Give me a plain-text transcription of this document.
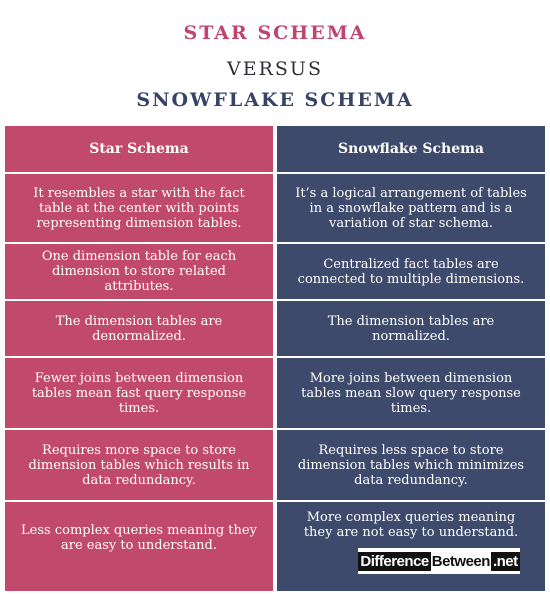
STAR SCHEMA
VERSUS
SNOWFLAKE SCHEMA
Star Schema
It resembles a star with the fact table at the center with points representing dimension tables.
One dimension table for each dimension to store related attributes.
The dimension tables are denormalized.
Fewer joins between dimension tables mean fast query response times.
Requires more space to store dimension tables which results in data redundancy.
Less complex queries meaning they are easy to understand.
Snowflake Schema
It’s a logical arrangement of tables in a snowflake pattern and is a variation of star schema.
Centralized fact tables are connected to multiple dimensions.
The dimension tables are normalized.
More joins between dimension tables mean slow query response times.
Requires less space to store dimension tables which minimizes data redundancy.
More complex queries meaning they are not easy to understand.
Difference Between .net
